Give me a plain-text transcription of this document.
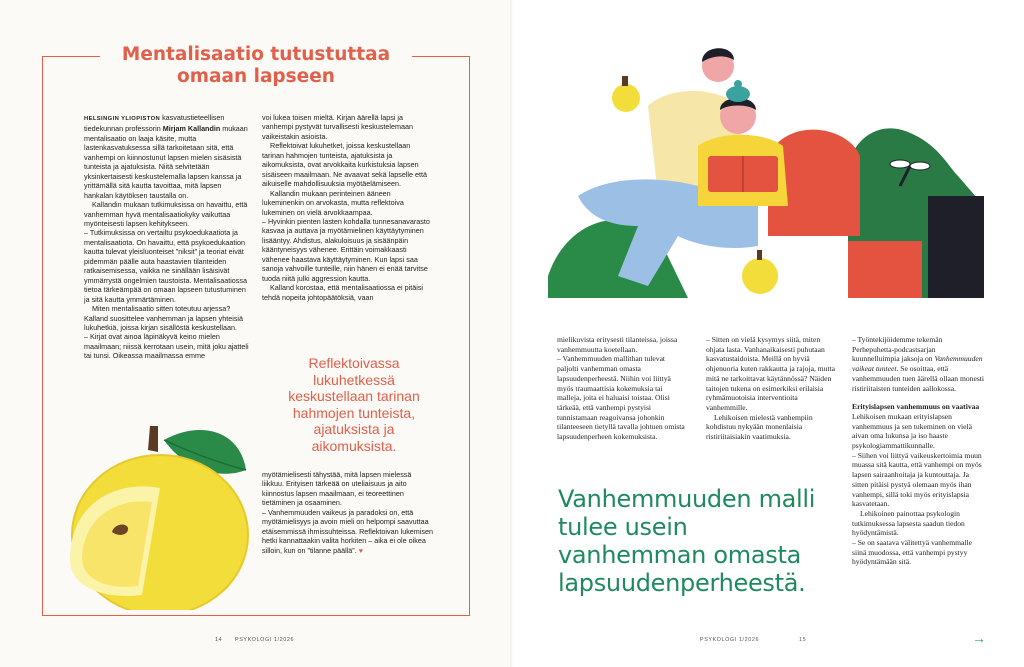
Mentalisaatio tutustuttaa
omaan lapseen

HELSINGIN YLIOPISTON kasvatustieteellisen tiedekunnan professorin Mirjam Kallandin mukaan mentalisaatio on laaja käsite, mutta lastenkasvatuksessa sillä tarkoitetaan sitä, että vanhempi on kiinnostunut lapsen mielen sisäsistä tunteista ja ajatuksista. Niitä selvitetään yksinkertaisesti keskustelemalla lapsen kanssa ja yrittämällä sitä kautta tavoittaa, mitä lapsen hankalan käytöksen taustalla on.

Kallandin mukaan tutkimuksissa on havaittu, että vanhemman hyvä mentalisaatiokyky vaikuttaa myönteisesti lapsen kehitykseen.

– Tutkimuksissa on vertailtu psykoedukaatiota ja mentalisaatiota. On havaittu, että psykoedukaation kautta tulevat yleisluonteiset ”niksit” ja teoriat eivät pidemmän päälle auta haastavien tilanteiden ratkaisemisessa, vaikka ne sinällään lisäisivät ymmärrystä ongelmien taustoista. Mentalisaatiossa tietoa tärkeämpää on omaan lapseen tutustuminen ja sitä kautta ymmärtäminen.

Miten mentalisaatio sitten toteutuu arjessa? Kalland suosittelee vanhemman ja lapsen yhteisiä lukuhetkiä, joissa kirjan sisällöstä keskustellaan.

– Kirjat ovat ainoa läpinäkyvä keino mielen maailmaan; niissä kerrotaan usein, mitä joku ajatteli tai tunsi. Oikeassa maailmassa emme

voi lukea toisen mieltä. Kirjan äärellä lapsi ja vanhempi pystyvät turvallisesti keskustelemaan vaikeistakin asioista.

Reflektoivat lukuhetket, joissa keskustellaan tarinan hahmojen tunteista, ajatuksista ja aikomuksista, ovat arvokkaita kurkistuksia lapsen sisäiseen maailmaan. Ne avaavat sekä lapselle että aikuiselle mahdollisuuksia myötäelämiseen.

Kallandin mukaan perinteinen ääneen lukeminenkin on arvokasta, mutta reflektoiva lukeminen on vielä arvokkaampaa.

– Hyvinkin pienten lasten kohdalla tunnesanavarasto kasvaa ja auttava ja myötämielinen käyttäytyminen lisääntyy. Ahdistus, alakuloisuus ja sisäänpäin kääntyneisyys vähenee. Erittäin voimakkaasti vähenee haastava käyttäytyminen. Kun lapsi saa sanoja vahvoille tunteille, niin hänen ei enää tarvitse tuoda niitä julki aggression kautta.

Kalland korostaa, että mentalisaatiossa ei pitäisi tehdä nopeita johtopäätöksiä, vaan

Reflektoivassa lukuhetkessä keskustellaan tarinan hahmojen tunteista, ajatuksista ja aikomuksista.

myötämielisesti tähystää, mitä lapsen mielessä liikkuu. Erityisen tärkeää on uteliaisuus ja aito kiinnostus lapsen maailmaan, ei teoreettinen tietäminen ja osaaminen.

– Vanhemmuuden vaikeus ja paradoksi on, että myötämielisyys ja avoin mieli on helpompi saavuttaa etäisemmissä ihmissuhteissa. Reflektoivan lukemisen hetki kannattaakin valita horkiten – aika ei ole oikea silloin, kun on ”tilanne päällä”. ♥

14 PSYKOLOGI 1/2026

mielikuvista eritysesti tilanteissa, joissa vanhemmuutta koetellaan.

– Vanhemmuuden mallithan tulevat paljolti vanhemman omasta lapsuudenperheestä. Niihin voi liittyä myös traumaattisia kokemuksia tai malleja, joita ei haluaisi toistaa. Olisi tärkeää, että vanhempi pystyisi tunnistamaan reagoivansa johonkin tilanteeseen tietyllä tavalla johtuen omista lapsuudenperheen kokemuksista.

– Sitten on vielä kysymys siitä, miten ohjata lasta. Vanhanaikaisesti puhutaan kasvatustaidoista. Meillä on hyviä ohjenuoria kuten rakkautta ja rajoja, mutta mitä ne tarkoittavat käytännössä? Näiden taitojen tukena on esimerkiksi erilaisia ryhmämuotoisia interventioita vanhemmille.

Lehikoisen mielestä vanhempiin kohdistuu nykyään monenlaisia ristiriitaisiakin vaatimuksia.

– Työntekijöidemme tekemän Perhepuhetta-podcastsarjan kuunnelluimpia jaksoja on Vanhemmuuden vaikeat tunteet. Se osoittaa, että vanhemmuuden tuen äärellä ollaan monesti ristiriitaisten tunteiden aallokossa.

Erityislapsen vanhemmuus on vaativaa

Lehikoisen mukaan erityislapsen vanhemmuus ja sen tukeminen on vielä aivan oma lukunsa ja iso haaste psykologiammattikunnalle.

– Siihen voi liittyä vaikeuskertoimia muun muassa sitä kautta, että vanhempi on myös lapsen sairaanhoitaja ja kuntouttaja. Ja sitten pitäisi pystyä olemaan myös ihan vanhempi, sillä toki myös erityislapsia kasvatetaan.

Lehikoinen painottaa psykologin tutkimuksessa lapsesta saadun tiedon hyödyntämistä.

– Se on saatava välitettyä vanhemmalle siinä muodossa, että vanhempi pystyy hyödyntämään sitä.

Vanhemmuuden malli tulee usein vanhemman omasta lapsuudenperheestä.
PSYKOLOGI 1/2026	15	→
